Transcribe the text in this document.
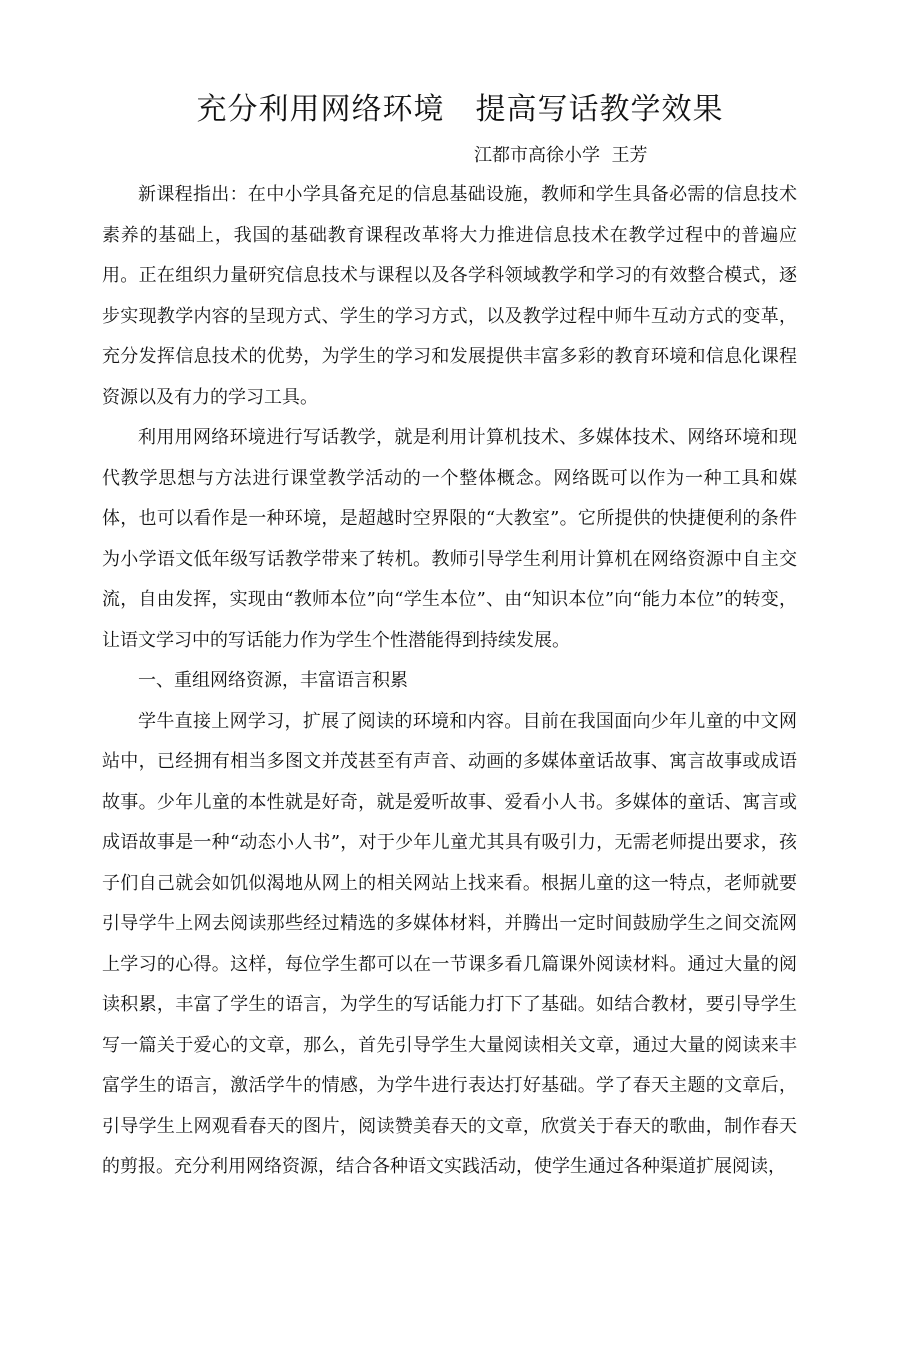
充分利用网络环境　提高写话教学效果
江都市高徐小学  王芳

新课程指出：在中小学具备充足的信息基础设施，教师和学生具备必需的信息技术素养的基础上，我国的基础教育课程改革将大力推进信息技术在教学过程中的普遍应用。正在组织力量研究信息技术与课程以及各学科领域教学和学习的有效整合模式，逐步实现教学内容的呈现方式、学生的学习方式，以及教学过程中师牛互动方式的变革，充分发挥信息技术的优势，为学生的学习和发展提供丰富多彩的教育环境和信息化课程资源以及有力的学习工具。

利用用网络环境进行写话教学，就是利用计算机技术、多媒体技术、网络环境和现代教学思想与方法进行课堂教学活动的一个整体概念。网络既可以作为一种工具和媒体，也可以看作是一种环境，是超越时空界限的“大教室”。它所提供的快捷便利的条件为小学语文低年级写话教学带来了转机。教师引导学生利用计算机在网络资源中自主交流，自由发挥，实现由“教师本位”向“学生本位”、由“知识本位”向“能力本位”的转变，让语文学习中的写话能力作为学生个性潜能得到持续发展。

一、重组网络资源，丰富语言积累

学牛直接上网学习，扩展了阅读的环境和内容。目前在我国面向少年儿童的中文网站中，已经拥有相当多图文并茂甚至有声音、动画的多媒体童话故事、寓言故事或成语故事。少年儿童的本性就是好奇，就是爱听故事、爱看小人书。多媒体的童话、寓言或成语故事是一种“动态小人书”，对于少年儿童尤其具有吸引力，无需老师提出要求，孩子们自己就会如饥似渴地从网上的相关网站上找来看。根据儿童的这一特点，老师就要引导学牛上网去阅读那些经过精选的多媒体材料，并腾出一定时间鼓励学生之间交流网上学习的心得。这样，每位学生都可以在一节课多看几篇课外阅读材料。通过大量的阅读积累，丰富了学生的语言，为学生的写话能力打下了基础。如结合教材，要引导学生写一篇关于爱心的文章，那么，首先引导学生大量阅读相关文章，通过大量的阅读来丰富学生的语言，激活学牛的情感，为学牛进行表达打好基础。学了春天主题的文章后，引导学生上网观看春天的图片，阅读赞美春天的文章，欣赏关于春天的歌曲，制作春天的剪报。充分利用网络资源，结合各种语文实践活动，使学生通过各种渠道扩展阅读，
